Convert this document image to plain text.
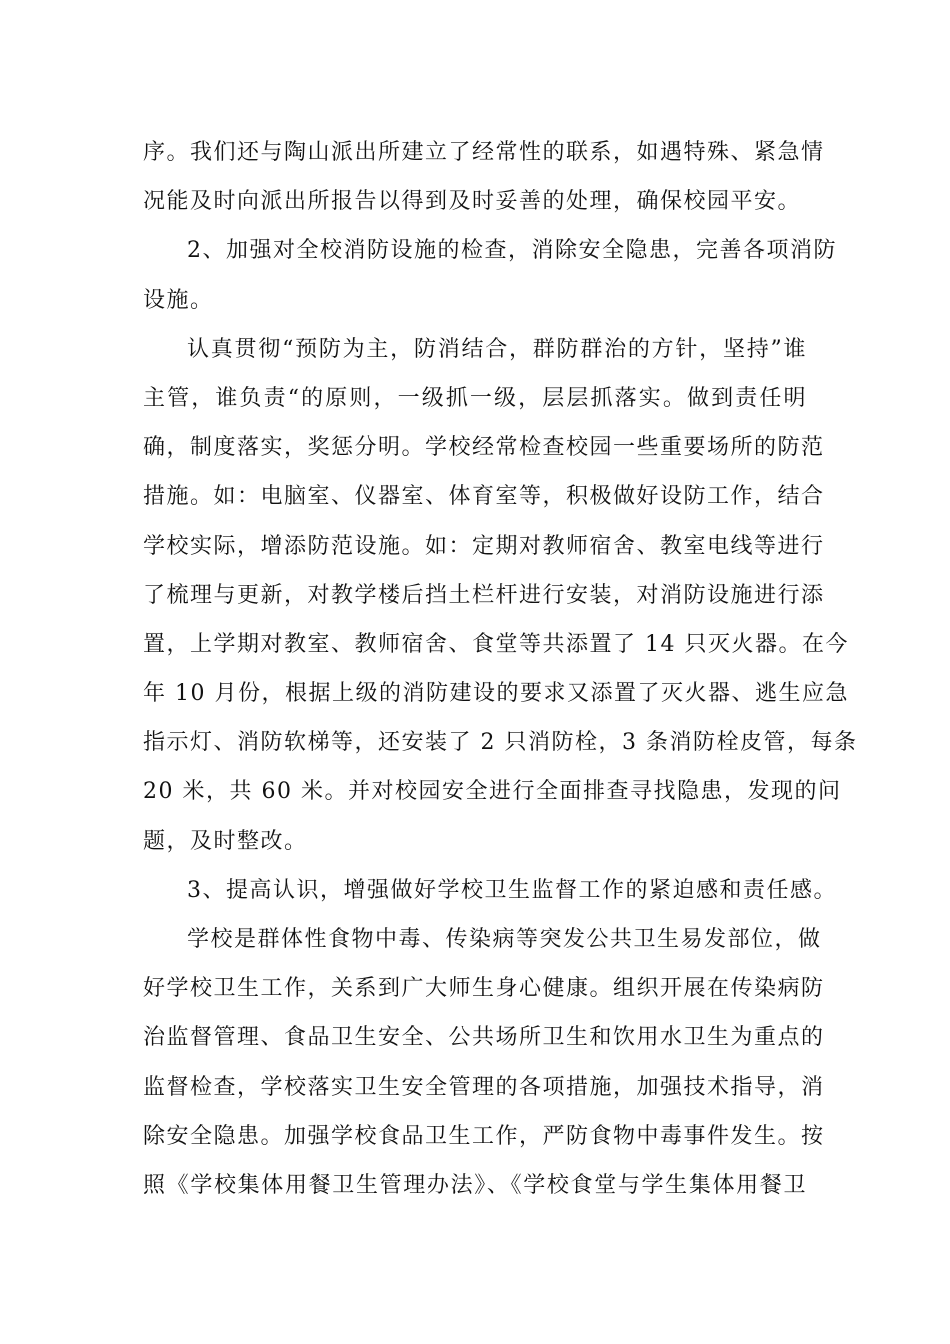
序。我们还与陶山派出所建立了经常性的联系，如遇特殊、紧急情
况能及时向派出所报告以得到及时妥善的处理，确保校园平安。
2、加强对全校消防设施的检查，消除安全隐患，完善各项消防
设施。
认真贯彻“预防为主，防消结合，群防群治的方针，坚持”谁
主管，谁负责“的原则，一级抓一级，层层抓落实。做到责任明
确，制度落实，奖惩分明。学校经常检查校园一些重要场所的防范
措施。如：电脑室、仪器室、体育室等，积极做好设防工作，结合
学校实际，增添防范设施。如：定期对教师宿舍、教室电线等进行
了梳理与更新，对教学楼后挡土栏杆进行安装，对消防设施进行添
置，上学期对教室、教师宿舍、食堂等共添置了 14 只灭火器。在今
年 10 月份，根据上级的消防建设的要求又添置了灭火器、逃生应急
指示灯、消防软梯等，还安装了 2 只消防栓，3 条消防栓皮管，每条
20 米，共 60 米。并对校园安全进行全面排查寻找隐患，发现的问
题，及时整改。
3、提高认识，增强做好学校卫生监督工作的紧迫感和责任感。
学校是群体性食物中毒、传染病等突发公共卫生易发部位，做
好学校卫生工作，关系到广大师生身心健康。组织开展在传染病防
治监督管理、食品卫生安全、公共场所卫生和饮用水卫生为重点的
监督检查，学校落实卫生安全管理的各项措施，加强技术指导，消
除安全隐患。加强学校食品卫生工作，严防食物中毒事件发生。按
照《学校集体用餐卫生管理办法》、《学校食堂与学生集体用餐卫
